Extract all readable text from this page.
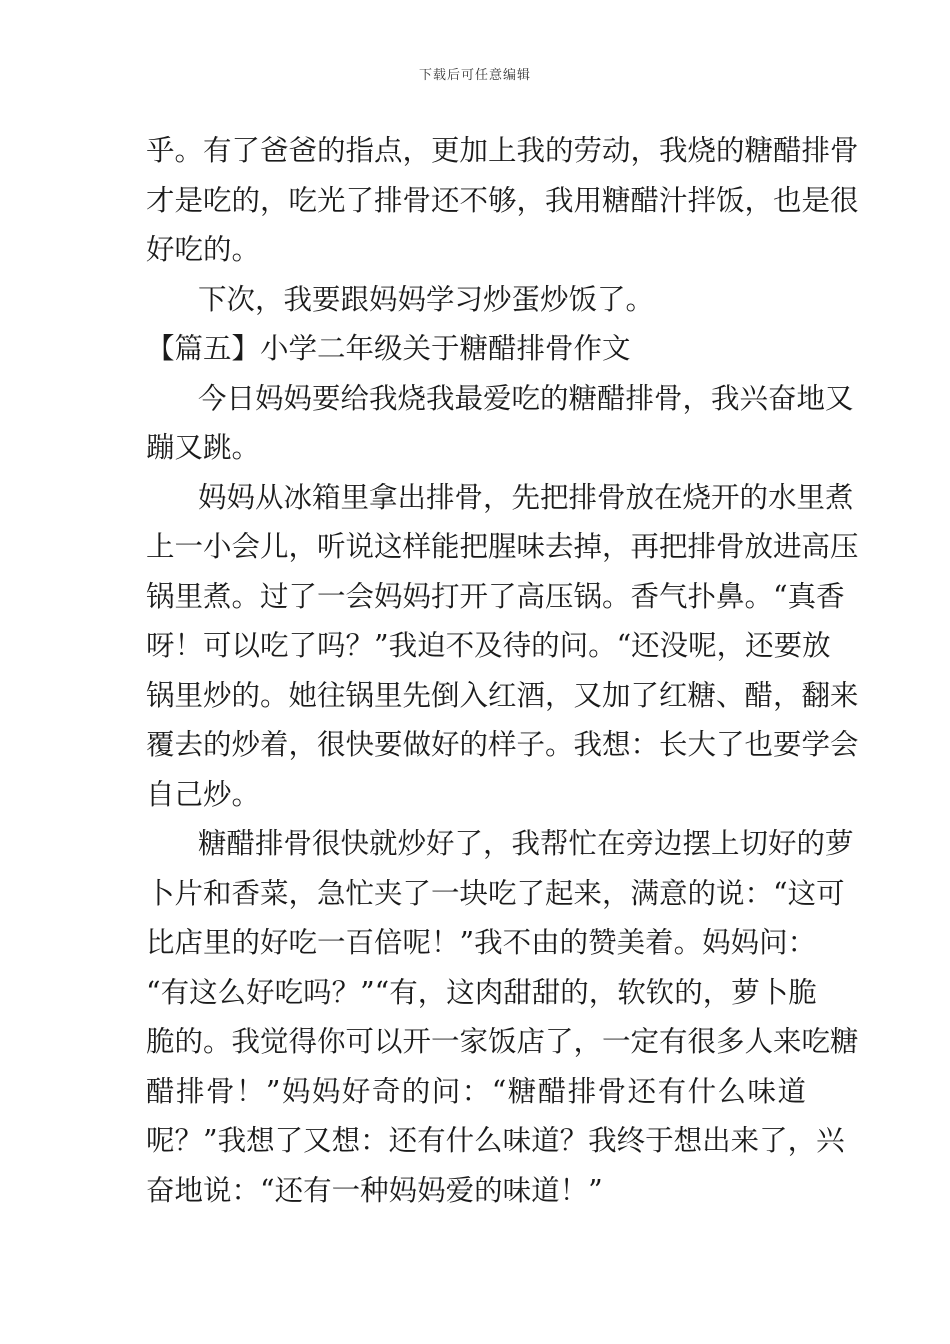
下载后可任意编辑
乎。有了爸爸的指点，更加上我的劳动，我烧的糖醋排骨
才是吃的，吃光了排骨还不够，我用糖醋汁拌饭，也是很
好吃的。
下次，我要跟妈妈学习炒蛋炒饭了。
【篇五】小学二年级关于糖醋排骨作文
今日妈妈要给我烧我最爱吃的糖醋排骨，我兴奋地又
蹦又跳。
妈妈从冰箱里拿出排骨，先把排骨放在烧开的水里煮
上一小会儿，听说这样能把腥味去掉，再把排骨放进高压
锅里煮。过了一会妈妈打开了高压锅。香气扑鼻。“真香
呀！可以吃了吗？”我迫不及待的问。“还没呢，还要放
锅里炒的。她往锅里先倒入红酒，又加了红糖、醋，翻来
覆去的炒着，很快要做好的样子。我想：长大了也要学会
自己炒。
糖醋排骨很快就炒好了，我帮忙在旁边摆上切好的萝
卜片和香菜，急忙夹了一块吃了起来，满意的说：“这可
比店里的好吃一百倍呢！”我不由的赞美着。妈妈问：
“有这么好吃吗？”“有，这肉甜甜的，软钦的，萝卜脆
脆的。我觉得你可以开一家饭店了，一定有很多人来吃糖
醋排骨！”妈妈好奇的问：“糖醋排骨还有什么味道
呢？”我想了又想：还有什么味道？我终于想出来了，兴
奋地说：“还有一种妈妈爱的味道！”
